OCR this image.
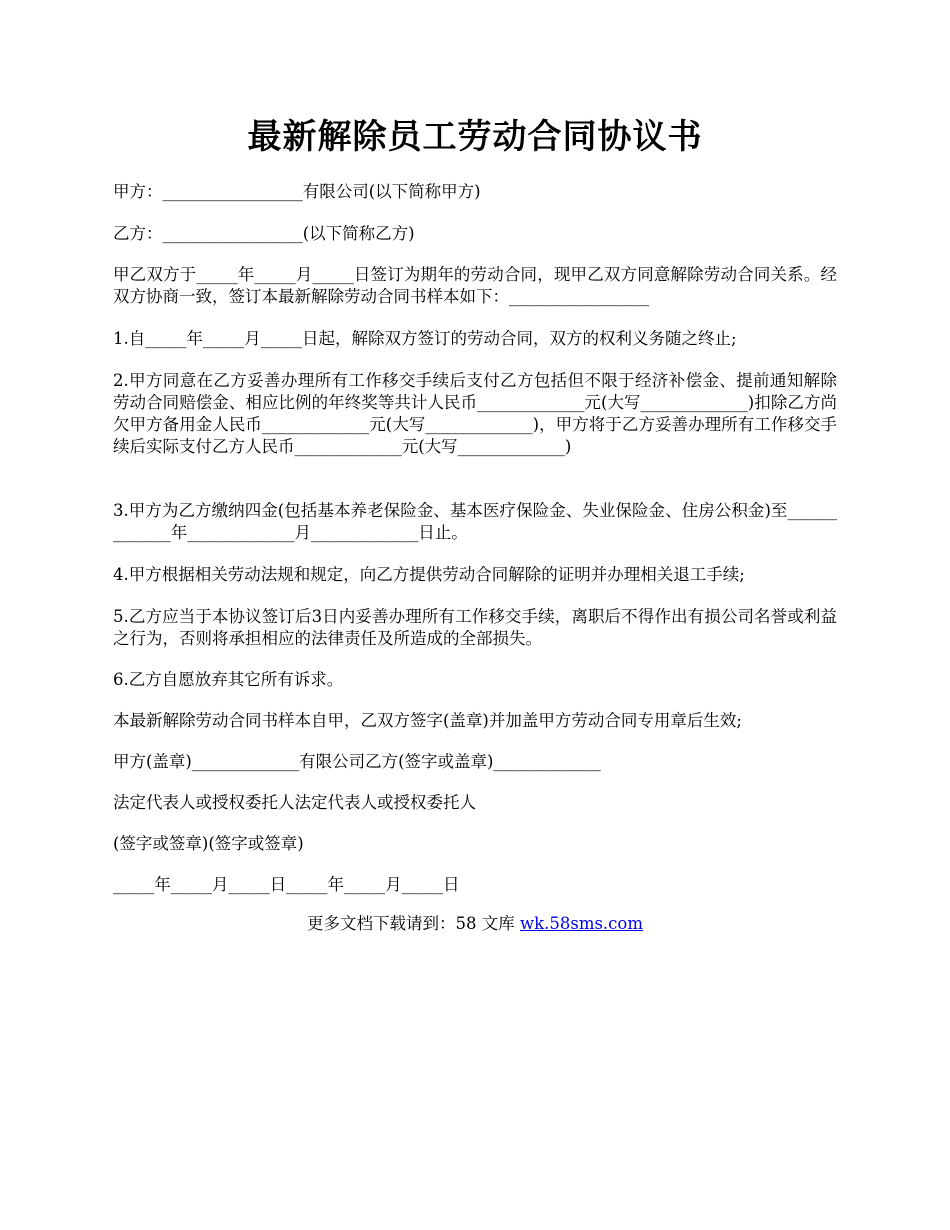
最新解除员工劳动合同协议书

甲方：_________________有限公司(以下简称甲方)

乙方：_________________(以下简称乙方)

甲乙双方于_____年_____月_____日签订为期年的劳动合同，现甲乙双方同意解除劳动合同关系。经双方协商一致，签订本最新解除劳动合同书样本如下：_________________

1.自_____年_____月_____日起，解除双方签订的劳动合同，双方的权利义务随之终止;

2.甲方同意在乙方妥善办理所有工作移交手续后支付乙方包括但不限于经济补偿金、提前通知解除劳动合同赔偿金、相应比例的年终奖等共计人民币_____________元(大写_____________)扣除乙方尚欠甲方备用金人民币_____________元(大写_____________)，甲方将于乙方妥善办理所有工作移交手续后实际支付乙方人民币_____________元(大写_____________)

3.甲方为乙方缴纳四金(包括基本养老保险金、基本医疗保险金、失业保险金、住房公积金)至_____________年_____________月_____________日止。

4.甲方根据相关劳动法规和规定，向乙方提供劳动合同解除的证明并办理相关退工手续;

5.乙方应当于本协议签订后3日内妥善办理所有工作移交手续，离职后不得作出有损公司名誉或利益之行为，否则将承担相应的法律责任及所造成的全部损失。

6.乙方自愿放弃其它所有诉求。

本最新解除劳动合同书样本自甲，乙双方签字(盖章)并加盖甲方劳动合同专用章后生效;

甲方(盖章)_____________有限公司乙方(签字或盖章)_____________

法定代表人或授权委托人法定代表人或授权委托人

(签字或签章)(签字或签章)

_____年_____月_____日_____年_____月_____日

更多文档下载请到：58 文库 wk.58sms.com
